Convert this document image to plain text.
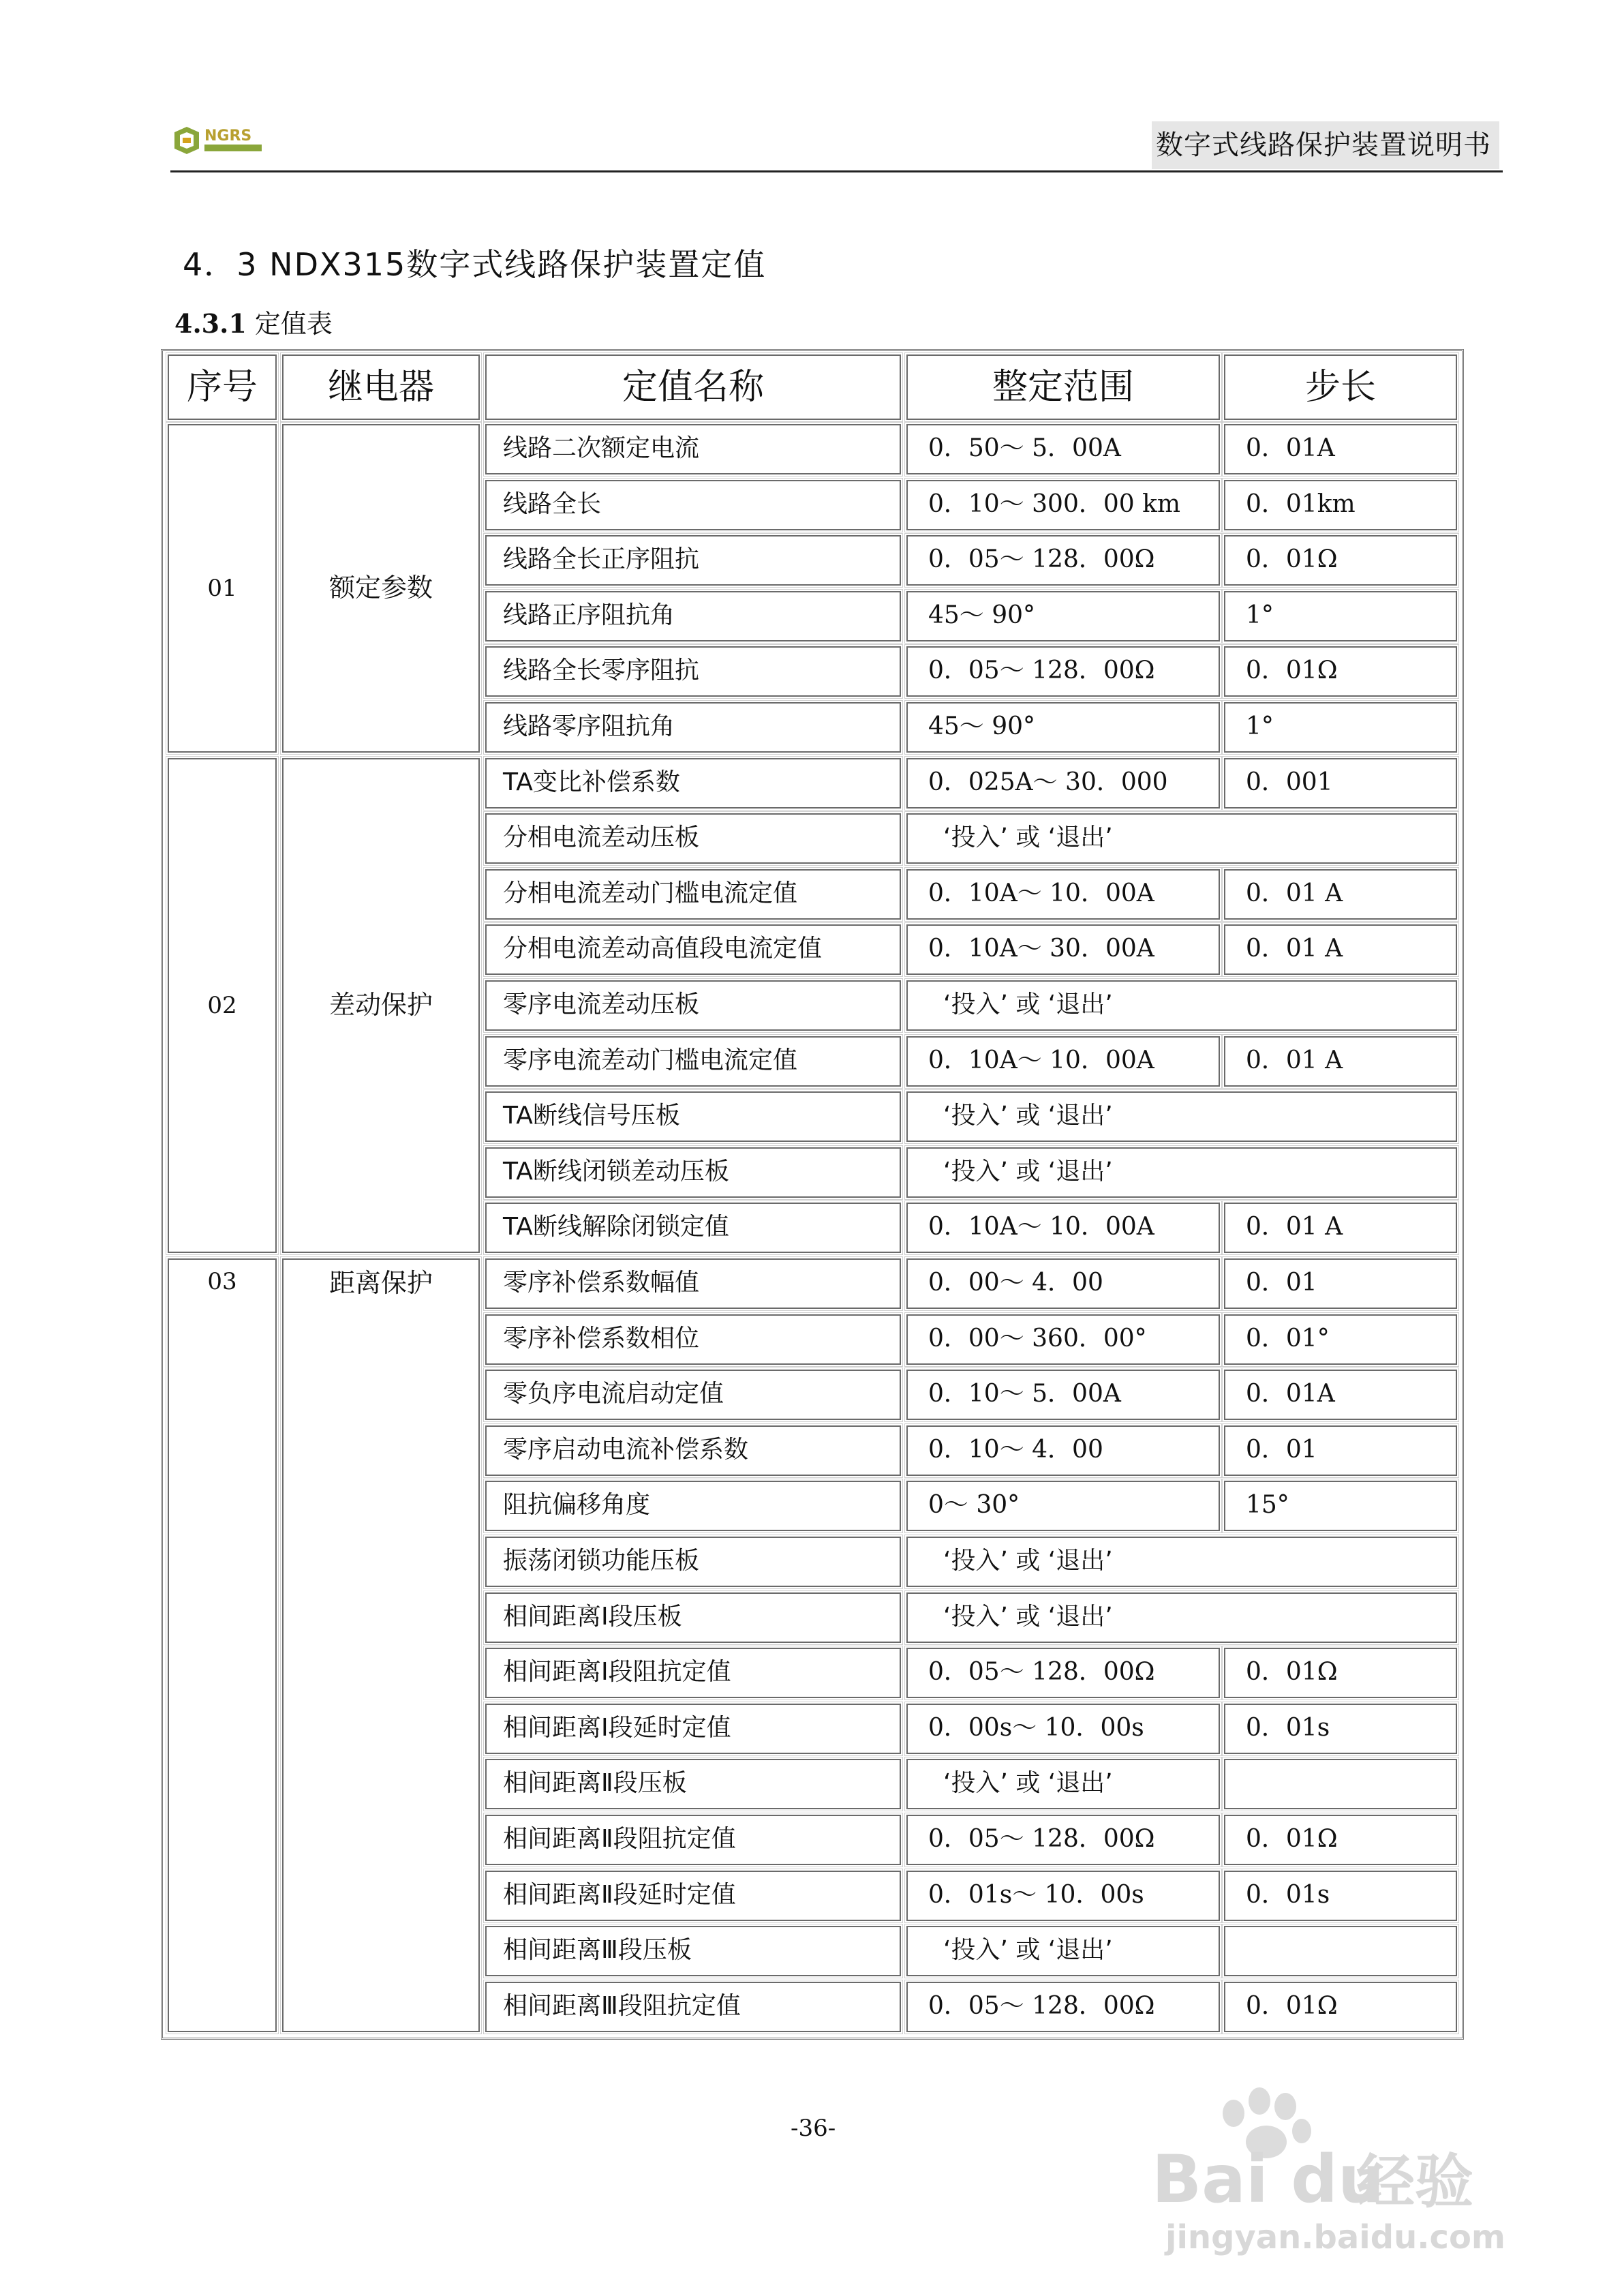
NGRS	数字式线路保护装置说明书
4．3 NDX315数字式线路保护装置定值
4.3.1 定值表
序号	继电器	定值名称	整定范围	步长
01	额定参数
线路二次额定电流	0．50～ 5．00A	0．01A
线路全长	0．10～ 300．00 km	0．01km
线路全长正序阻抗	0．05～ 128．00Ω	0．01Ω
线路正序阻抗角	45～ 90°	1°
线路全长零序阻抗	0．05～ 128．00Ω	0．01Ω
线路零序阻抗角	45～ 90°	1°
02	差动保护
TA变比补偿系数	0．025A～ 30．000	0．001
分相电流差动压板	‘投入’ 或 ‘退出’
分相电流差动门槛电流定值	0．10A～ 10．00A	0．01 A
分相电流差动高值段电流定值	0．10A～ 30．00A	0．01 A
零序电流差动压板	‘投入’ 或 ‘退出’
零序电流差动门槛电流定值	0．10A～ 10．00A	0．01 A
TA断线信号压板	‘投入’ 或 ‘退出’
TA断线闭锁差动压板	‘投入’ 或 ‘退出’
TA断线解除闭锁定值	0．10A～ 10．00A	0．01 A
03	距离保护	零序补偿系数幅值	0．00～ 4．00	0．01
零序补偿系数相位	0．00～ 360．00°	0．01°
零负序电流启动定值	0．10～ 5．00A	0．01A
零序启动电流补偿系数	0．10～ 4．00	0．01
阻抗偏移角度	0～ 30°	15°
振荡闭锁功能压板	‘投入’ 或 ‘退出’
相间距离Ⅰ段压板	‘投入’ 或 ‘退出’
相间距离Ⅰ段阻抗定值	0．05～ 128．00Ω	0．01Ω
相间距离Ⅰ段延时定值	0．00s～ 10．00s	0．01s
相间距离Ⅱ段压板	‘投入’ 或 ‘退出’
相间距离Ⅱ段阻抗定值	0．05～ 128．00Ω	0．01Ω
相间距离Ⅱ段延时定值	0．01s～ 10．00s	0．01s
相间距离Ⅲ段压板	‘投入’ 或 ‘退出’
相间距离Ⅲ段阻抗定值	0．05～ 128．00Ω	0．01Ω
-36-
Bai du
经验
jingyan.baidu.com
